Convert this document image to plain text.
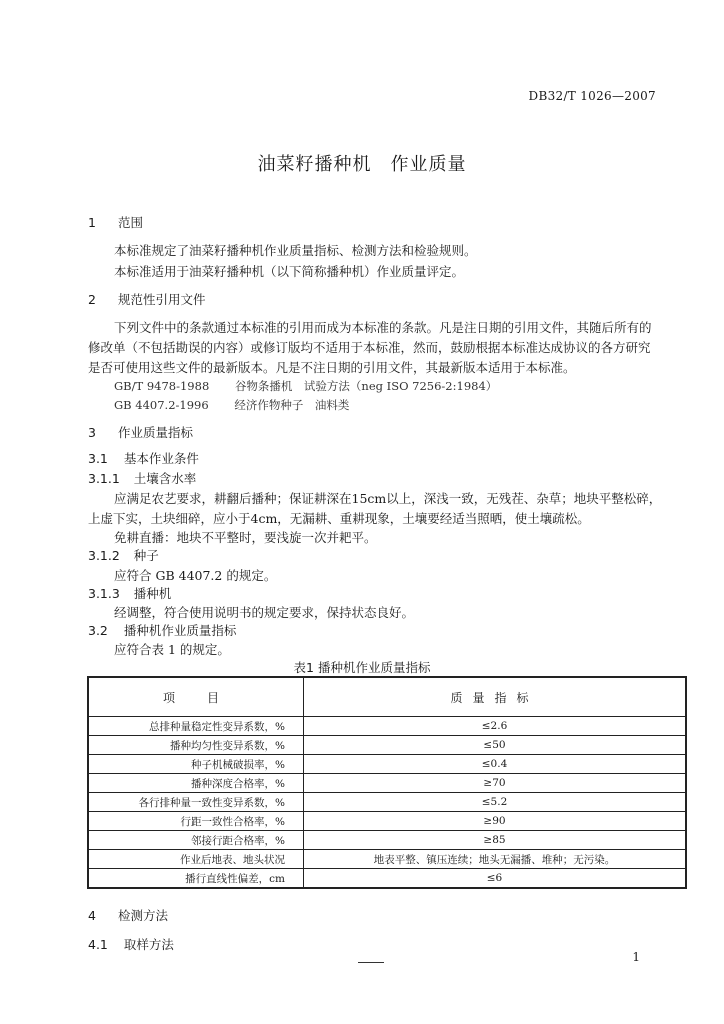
DB32/T 1026—2007
油菜籽播种机　作业质量
1 范围
本标准规定了油菜籽播种机作业质量指标、检测方法和检验规则。
本标准适用于油菜籽播种机（以下简称播种机）作业质量评定。
2 规范性引用文件
下列文件中的条款通过本标准的引用而成为本标准的条款。凡是注日期的引用文件，其随后所有的
修改单（不包括勘误的内容）或修订版均不适用于本标准，然而，鼓励根据本标准达成协议的各方研究
是否可使用这些文件的最新版本。凡是不注日期的引用文件，其最新版本适用于本标准。
GB/T 9478-1988 谷物条播机　试验方法（neg ISO 7256-2:1984）
GB 4407.2-1996 经济作物种子　油料类
3 作业质量指标
3.1 基本作业条件
3.1.1 土壤含水率
应满足农艺要求，耕翻后播种；保证耕深在15cm以上，深浅一致，无残茬、杂草；地块平整松碎，
上虚下实，土块细碎，应小于4cm，无漏耕、重耕现象，土壤要经适当照晒，使土壤疏松。
免耕直播：地块不平整时，要浅旋一次并耙平。
3.1.2 种子
应符合 GB 4407.2 的规定。
3.1.3 播种机
经调整，符合使用说明书的规定要求，保持状态良好。
3.2 播种机作业质量指标
应符合表 1 的规定。
表1 播种机作业质量指标
项　目	质量指标
总排种量稳定性变异系数，%	≤2.6
播种均匀性变异系数，%	≤50
种子机械破损率，%	≤0.4
播种深度合格率，%	≥70
各行排种量一致性变异系数，%	≤5.2
行距一致性合格率，%	≥90
邻接行距合格率，%	≥85
作业后地表、地头状况	地表平整、镇压连续；地头无漏播、堆种；无污染。
播行直线性偏差，cm	≤6
4 检测方法
4.1 取样方法
1
